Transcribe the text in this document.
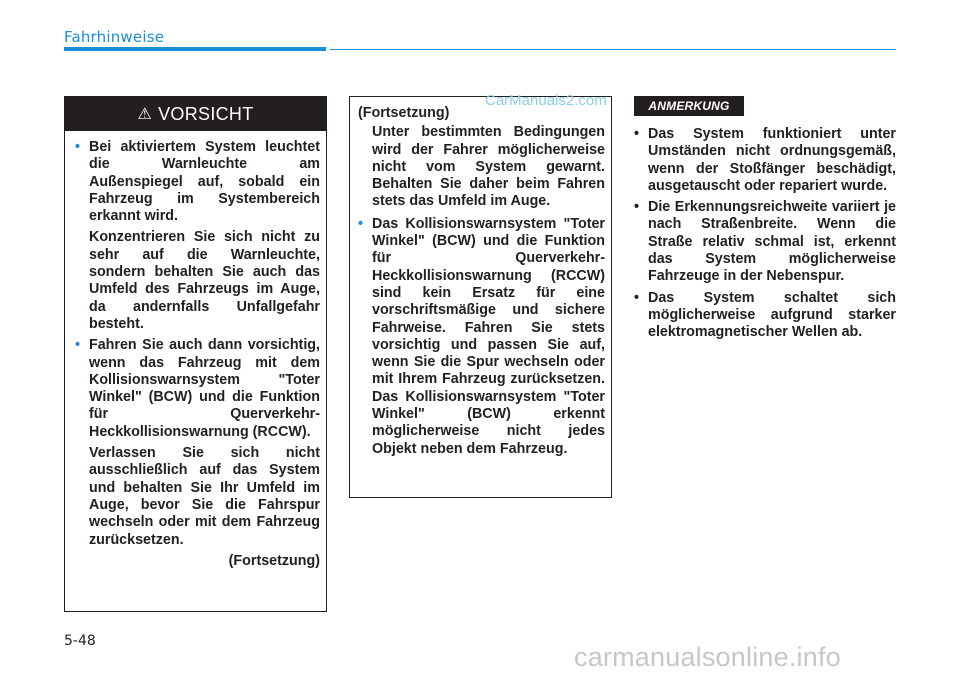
Fahrhinweise
⚠ VORSICHT
• Bei aktiviertem System leuchtet die Warnleuchte am Außenspiegel auf, sobald ein Fahrzeug im Systembereich erkannt wird.
Konzentrieren Sie sich nicht zu sehr auf die Warnleuchte, sondern behalten Sie auch das Umfeld des Fahrzeugs im Auge, da andernfalls Unfallgefahr besteht.
• Fahren Sie auch dann vorsichtig, wenn das Fahrzeug mit dem Kollisionswarnsystem "Toter Winkel" (BCW) und die Funktion für Querverkehr-Heckkollisionswarnung (RCCW).
Verlassen Sie sich nicht ausschließlich auf das System und behalten Sie Ihr Umfeld im Auge, bevor Sie die Fahrspur wechseln oder mit dem Fahrzeug zurücksetzen.
(Fortsetzung)
(Fortsetzung)
Unter bestimmten Bedingungen wird der Fahrer möglicherweise nicht vom System gewarnt. Behalten Sie daher beim Fahren stets das Umfeld im Auge.
• Das Kollisionswarnsystem "Toter Winkel" (BCW) und die Funktion für Querverkehr-Heckkollisionswarnung (RCCW) sind kein Ersatz für eine vorschriftsmäßige und sichere Fahrweise. Fahren Sie stets vorsichtig und passen Sie auf, wenn Sie die Spur wechseln oder mit Ihrem Fahrzeug zurücksetzen. Das Kollisionswarnsystem "Toter Winkel" (BCW) erkennt möglicherweise nicht jedes Objekt neben dem Fahrzeug.
ANMERKUNG
• Das System funktioniert unter Umständen nicht ordnungsgemäß, wenn der Stoßfänger beschädigt, ausgetauscht oder repariert wurde.
• Die Erkennungsreichweite variiert je nach Straßenbreite. Wenn die Straße relativ schmal ist, erkennt das System möglicherweise Fahrzeuge in der Nebenspur.
• Das System schaltet sich möglicherweise aufgrund starker elektromagnetischer Wellen ab.
CarManuals2.com
5-48
carmanualsonline.info
